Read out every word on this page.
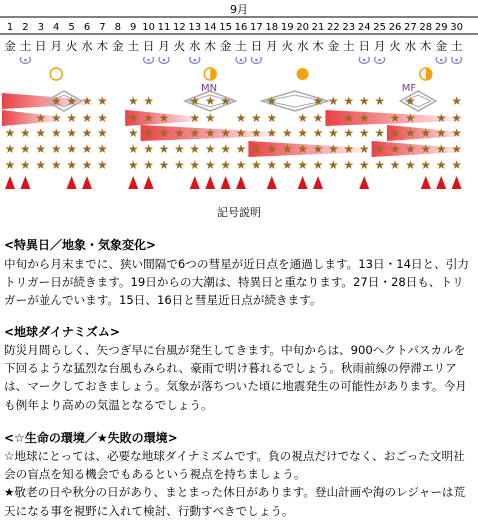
9月
1 2 3 4 5 6 7 8 9 10 11 12 13 14 15 16 17 18 19 20 21 22 23 24 25 26 27 28 29 30
金 土 日 月 火 水 木 金 土 日 月 火 水 木 金 土 日 月 火 水 木 金 土 日 月 火 水 木 金 土
★ ★ ★ ★ ★ ★	★ ★ ★	★	★ ★ ★ ★ ★ ★	★
★ ★ ★ ★ ★ ★ ★ ★ ★ ★ ★ ★ ★ ★ ★ ★ ★ ★ ★ ★ ★
★ ★ ★ ★ ★ ★ ★ ★ ★ ★ ★ ★ ★ ★ ★ ★ ★ ★ ★ ★ ★ ★ ★ ★ ★ ★ ★ ★ ★
★ ★ ★ ★ ★ ★ ★ ★ ★ ★ ★ ★ ★ ★ ★ ★ ★ ★ ★ ★ ★ ★ ★ ★ ★ ★ ★ ★ ★
★ ★ ★ ★ ★ ★ ★ ★ ★ ★ ★ ★ ★ ★ ★ ★ ★ ★ ★ ★ ★ ★ ★ ★ ★ ★ ★ ★ ★
MN	MF
記号説明
<特異日／地象・気象変化>
中旬から月末までに、狭い間隔で6つの彗星が近日点を通過します。13日・14日と、引力トリガー日が続きます。19日からの大潮は、特異日と重なります。27日・28日も、トリガーが並んでいます。15日、16日と彗星近日点が続きます。
<地球ダイナミズム>
防災月間らしく、矢つぎ早に台風が発生してきます。中旬からは、900ヘクトパスカルを下回るような猛烈な台風もみられ、豪雨で明け暮れるでしょう。秋雨前線の停滞エリアは、マークしておきましょう。気象が落ちついた頃に地震発生の可能性があります。今月も例年より高めの気温となるでしょう。
<☆生命の環境／★失敗の環境>

☆地球にとっては、必要な地球ダイナミズムです。負の視点だけでなく、おごった文明社会の盲点を知る機会でもあるという視点を持ちましょう。

★敬老の日や秋分の日があり、まとまった休日があります。登山計画や海のレジャーは荒天になる事を視野に入れて検討、行動すべきでしょう。
